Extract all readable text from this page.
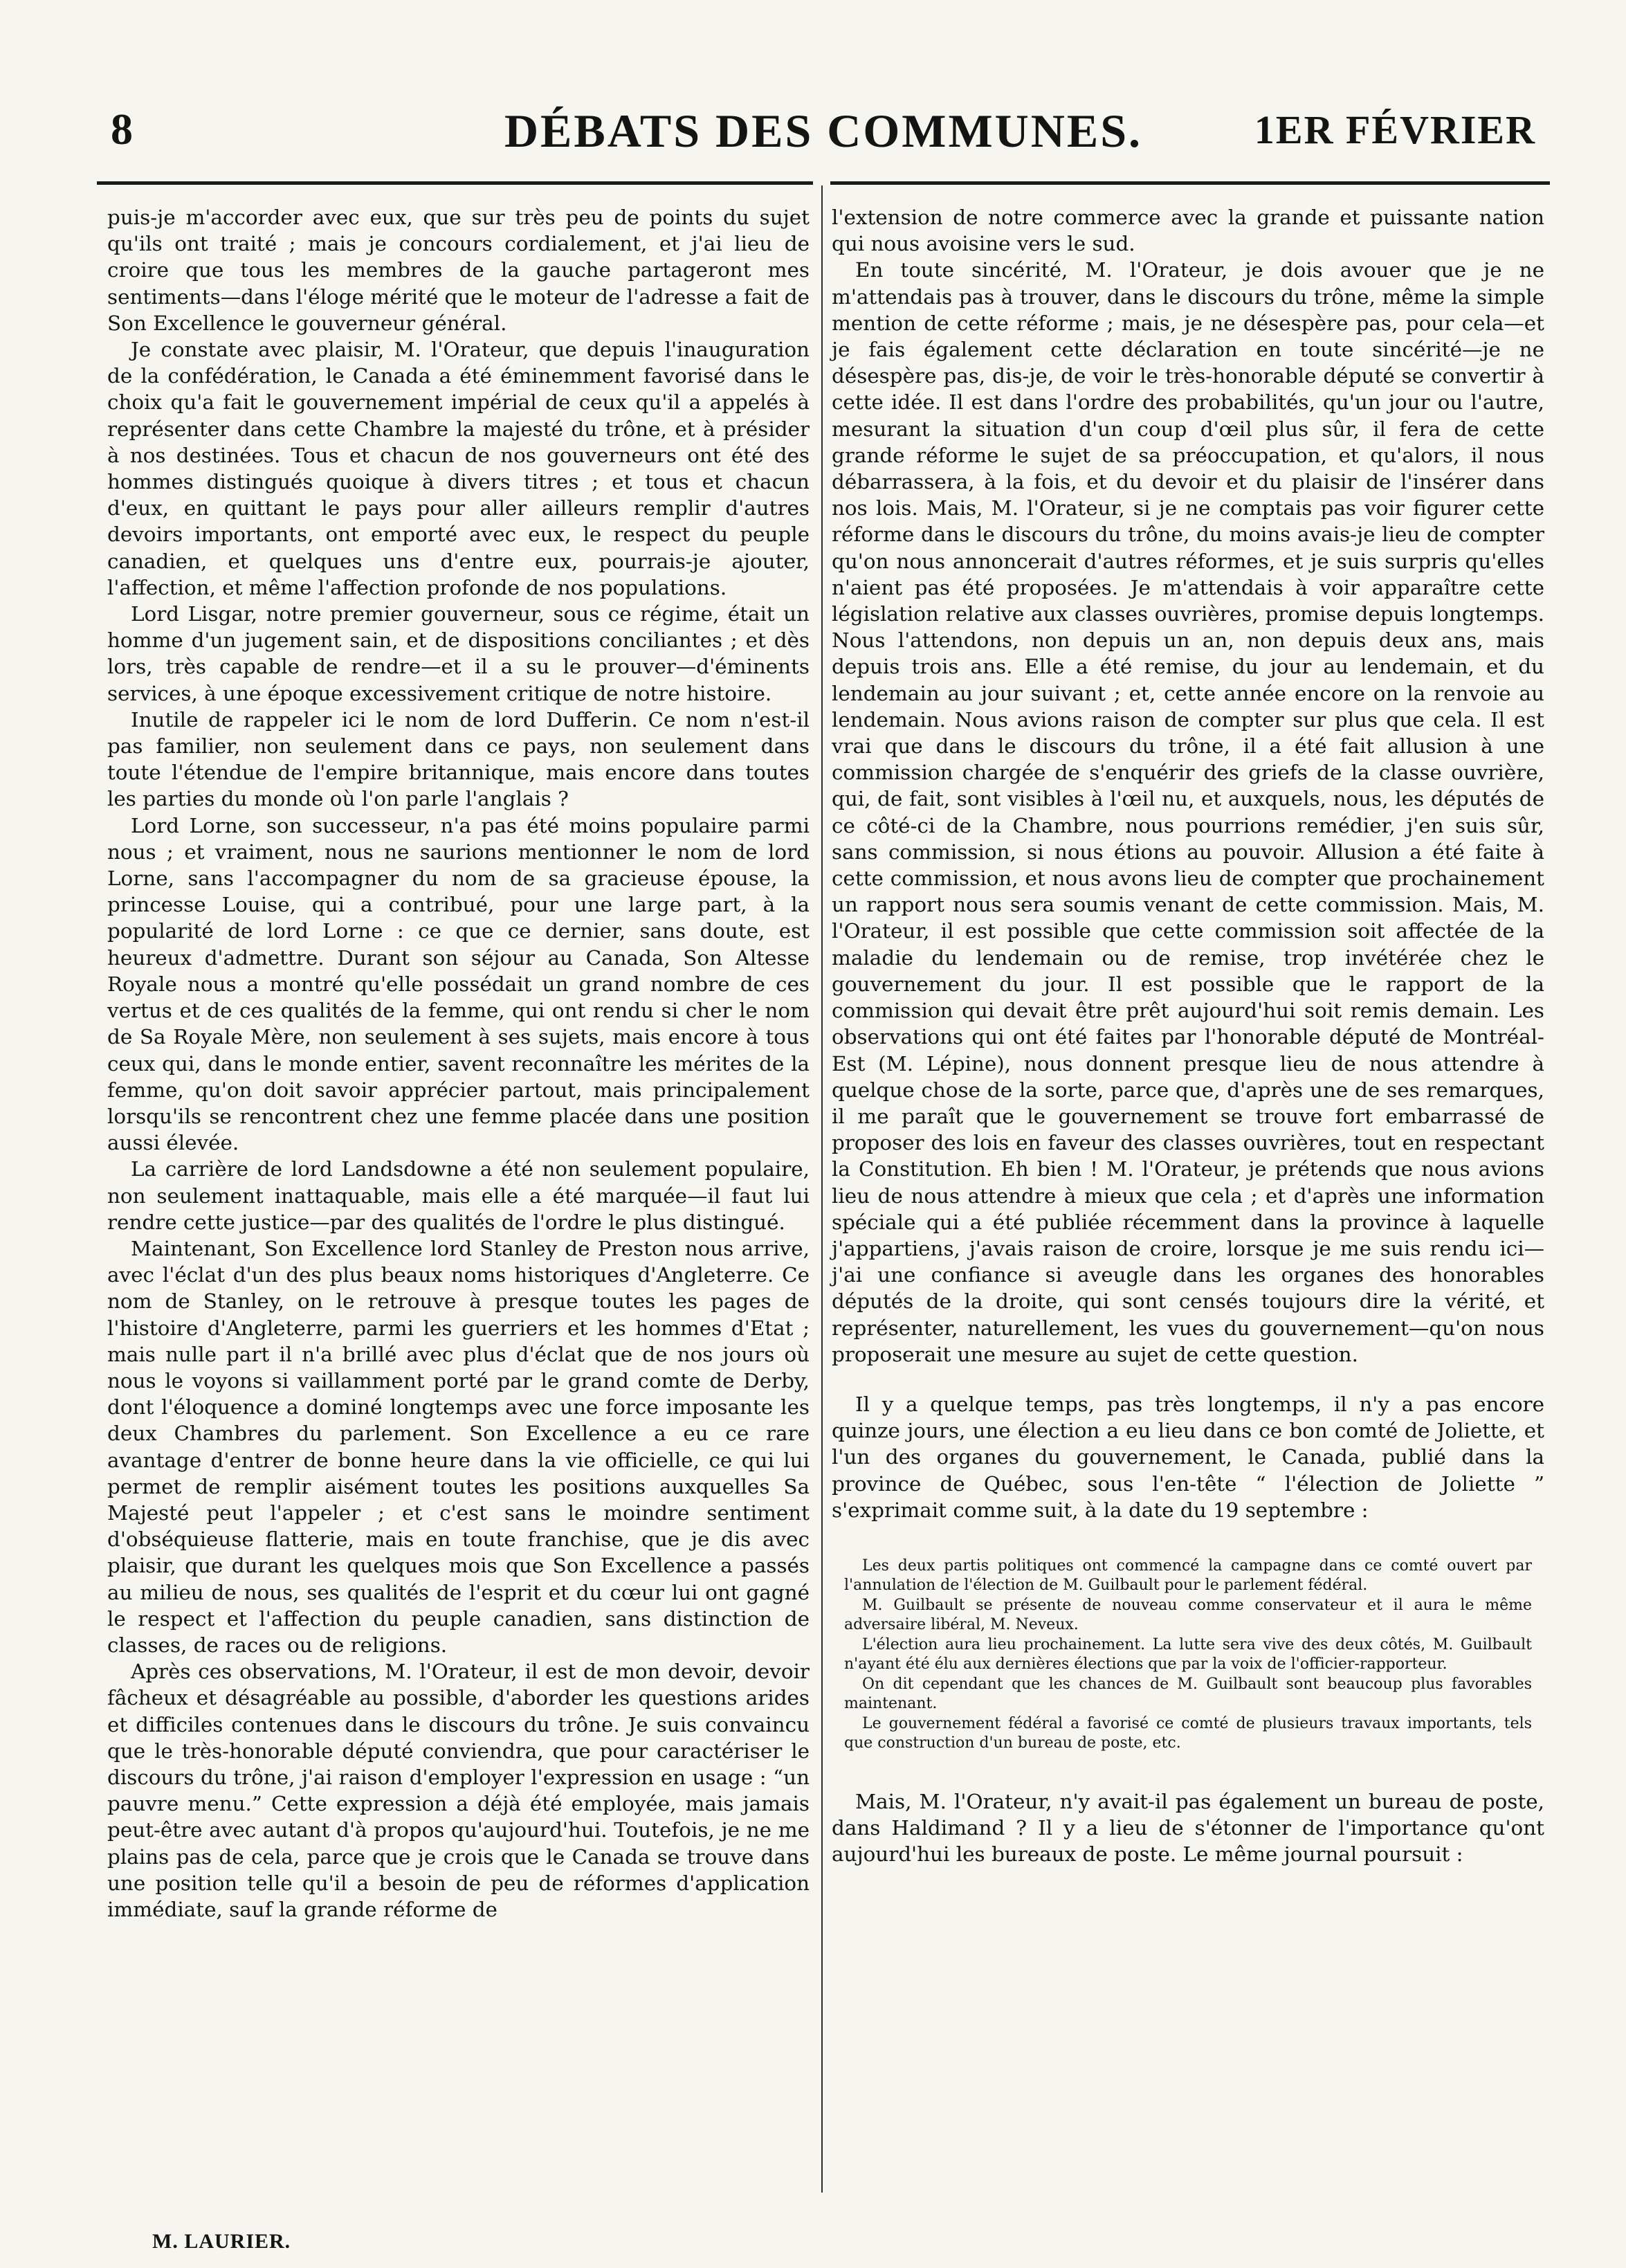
8	DÉBATS DES COMMUNES.	1ER FÉVRIER

puis-je m'accorder avec eux, que sur très peu de points du sujet qu'ils ont traité ; mais je concours cordialement, et j'ai lieu de croire que tous les membres de la gauche partageront mes sentiments—dans l'éloge mérité que le moteur de l'adresse a fait de Son Excellence le gouverneur général.

Je constate avec plaisir, M. l'Orateur, que depuis l'inauguration de la confédération, le Canada a été éminemment favorisé dans le choix qu'a fait le gouvernement impérial de ceux qu'il a appelés à représenter dans cette Chambre la majesté du trône, et à présider à nos destinées. Tous et chacun de nos gouverneurs ont été des hommes distingués quoique à divers titres ; et tous et chacun d'eux, en quittant le pays pour aller ailleurs remplir d'autres devoirs importants, ont emporté avec eux, le respect du peuple canadien, et quelques uns d'entre eux, pourrais-je ajouter, l'affection, et même l'affection profonde de nos populations.

Lord Lisgar, notre premier gouverneur, sous ce régime, était un homme d'un jugement sain, et de dispositions conciliantes ; et dès lors, très capable de rendre—et il a su le prouver—d'éminents services, à une époque excessivement critique de notre histoire.

Inutile de rappeler ici le nom de lord Dufferin. Ce nom n'est-il pas familier, non seulement dans ce pays, non seulement dans toute l'étendue de l'empire britannique, mais encore dans toutes les parties du monde où l'on parle l'anglais ?

Lord Lorne, son successeur, n'a pas été moins populaire parmi nous ; et vraiment, nous ne saurions mentionner le nom de lord Lorne, sans l'accompagner du nom de sa gracieuse épouse, la princesse Louise, qui a contribué, pour une large part, à la popularité de lord Lorne : ce que ce dernier, sans doute, est heureux d'admettre. Durant son séjour au Canada, Son Altesse Royale nous a montré qu'elle possédait un grand nombre de ces vertus et de ces qualités de la femme, qui ont rendu si cher le nom de Sa Royale Mère, non seulement à ses sujets, mais encore à tous ceux qui, dans le monde entier, savent reconnaître les mérites de la femme, qu'on doit savoir apprécier partout, mais principalement lorsqu'ils se rencontrent chez une femme placée dans une position aussi élevée.

La carrière de lord Landsdowne a été non seulement populaire, non seulement inattaquable, mais elle a été marquée—il faut lui rendre cette justice—par des qualités de l'ordre le plus distingué.

Maintenant, Son Excellence lord Stanley de Preston nous arrive, avec l'éclat d'un des plus beaux noms historiques d'Angleterre. Ce nom de Stanley, on le retrouve à presque toutes les pages de l'histoire d'Angleterre, parmi les guerriers et les hommes d'Etat ; mais nulle part il n'a brillé avec plus d'éclat que de nos jours où nous le voyons si vaillamment porté par le grand comte de Derby, dont l'éloquence a dominé longtemps avec une force imposante les deux Chambres du parlement. Son Excellence a eu ce rare avantage d'entrer de bonne heure dans la vie officielle, ce qui lui permet de remplir aisément toutes les positions auxquelles Sa Majesté peut l'appeler ; et c'est sans le moindre sentiment d'obséquieuse flatterie, mais en toute franchise, que je dis avec plaisir, que durant les quelques mois que Son Excellence a passés au milieu de nous, ses qualités de l'esprit et du cœur lui ont gagné le respect et l'affection du peuple canadien, sans distinction de classes, de races ou de religions.

Après ces observations, M. l'Orateur, il est de mon devoir, devoir fâcheux et désagréable au possible, d'aborder les questions arides et difficiles contenues dans le discours du trône. Je suis convaincu que le très-honorable député conviendra, que pour caractériser le discours du trône, j'ai raison d'employer l'expression en usage : “un pauvre menu.” Cette expression a déjà été employée, mais jamais peut-être avec autant d'à propos qu'aujourd'hui. Toutefois, je ne me plains pas de cela, parce que je crois que le Canada se trouve dans une position telle qu'il a besoin de peu de réformes d'application immédiate, sauf la grande réforme de

M. LAURIER.

l'extension de notre commerce avec la grande et puissante nation qui nous avoisine vers le sud.

En toute sincérité, M. l'Orateur, je dois avouer que je ne m'attendais pas à trouver, dans le discours du trône, même la simple mention de cette réforme ; mais, je ne désespère pas, pour cela—et je fais également cette déclaration en toute sincérité—je ne désespère pas, dis-je, de voir le très-honorable député se convertir à cette idée. Il est dans l'ordre des probabilités, qu'un jour ou l'autre, mesurant la situation d'un coup d'œil plus sûr, il fera de cette grande réforme le sujet de sa préoccupation, et qu'alors, il nous débarrassera, à la fois, et du devoir et du plaisir de l'insérer dans nos lois. Mais, M. l'Orateur, si je ne comptais pas voir figurer cette réforme dans le discours du trône, du moins avais-je lieu de compter qu'on nous annoncerait d'autres réformes, et je suis surpris qu'elles n'aient pas été proposées. Je m'attendais à voir apparaître cette législation relative aux classes ouvrières, promise depuis longtemps. Nous l'attendons, non depuis un an, non depuis deux ans, mais depuis trois ans. Elle a été remise, du jour au lendemain, et du lendemain au jour suivant ; et, cette année encore on la renvoie au lendemain. Nous avions raison de compter sur plus que cela. Il est vrai que dans le discours du trône, il a été fait allusion à une commission chargée de s'enquérir des griefs de la classe ouvrière, qui, de fait, sont visibles à l'œil nu, et auxquels, nous, les députés de ce côté-ci de la Chambre, nous pourrions remédier, j'en suis sûr, sans commission, si nous étions au pouvoir. Allusion a été faite à cette commission, et nous avons lieu de compter que prochainement un rapport nous sera soumis venant de cette commission. Mais, M. l'Orateur, il est possible que cette commission soit affectée de la maladie du lendemain ou de remise, trop invétérée chez le gouvernement du jour. Il est possible que le rapport de la commission qui devait être prêt aujourd'hui soit remis demain. Les observations qui ont été faites par l'honorable député de Montréal-Est (M. Lépine), nous donnent presque lieu de nous attendre à quelque chose de la sorte, parce que, d'après une de ses remarques, il me paraît que le gouvernement se trouve fort embarrassé de proposer des lois en faveur des classes ouvrières, tout en respectant la Constitution. Eh bien ! M. l'Orateur, je prétends que nous avions lieu de nous attendre à mieux que cela ; et d'après une information spéciale qui a été publiée récemment dans la province à laquelle j'appartiens, j'avais raison de croire, lorsque je me suis rendu ici—j'ai une confiance si aveugle dans les organes des honorables députés de la droite, qui sont censés toujours dire la vérité, et représenter, naturellement, les vues du gouvernement—qu'on nous proposerait une mesure au sujet de cette question.

Il y a quelque temps, pas très longtemps, il n'y a pas encore quinze jours, une élection a eu lieu dans ce bon comté de Joliette, et l'un des organes du gouvernement, le Canada, publié dans la province de Québec, sous l'en-tête “ l'élection de Joliette ” s'exprimait comme suit, à la date du 19 septembre :

Les deux partis politiques ont commencé la campagne dans ce comté ouvert par l'annulation de l'élection de M. Guilbault pour le parlement fédéral.

M. Guilbault se présente de nouveau comme conservateur et il aura le même adversaire libéral, M. Neveux.

L'élection aura lieu prochainement. La lutte sera vive des deux côtés, M. Guilbault n'ayant été élu aux dernières élections que par la voix de l'officier-rapporteur.

On dit cependant que les chances de M. Guilbault sont beaucoup plus favorables maintenant.

Le gouvernement fédéral a favorisé ce comté de plusieurs travaux importants, tels que construction d'un bureau de poste, etc.

Mais, M. l'Orateur, n'y avait-il pas également un bureau de poste, dans Haldimand ? Il y a lieu de s'étonner de l'importance qu'ont aujourd'hui les bureaux de poste. Le même journal poursuit :
